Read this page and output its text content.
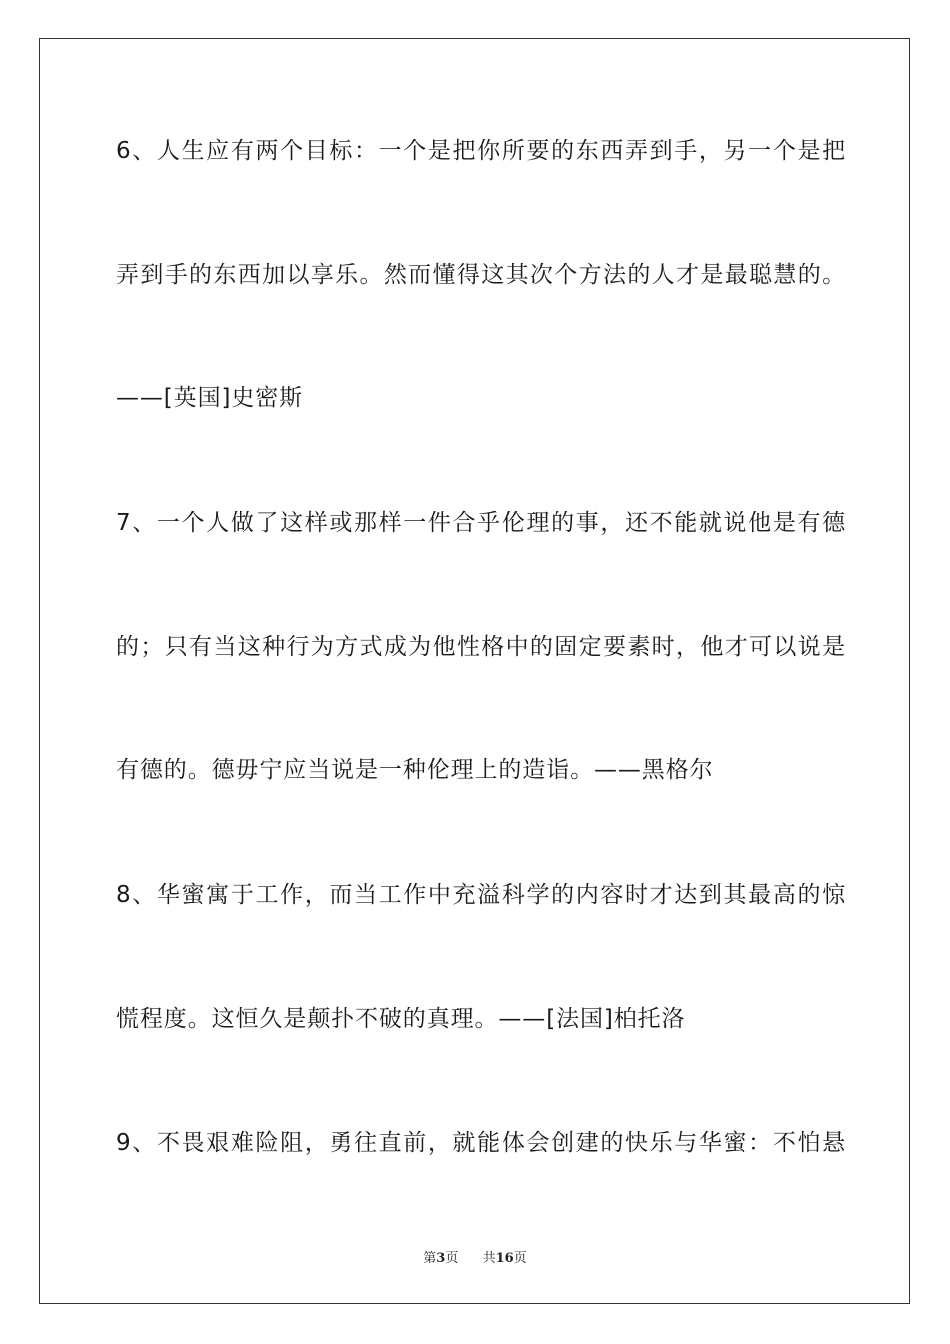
6、人生应有两个目标：一个是把你所要的东西弄到手，另一个是把
弄到手的东西加以享乐。然而懂得这其次个方法的人才是最聪慧的。
——[英国]史密斯
7、一个人做了这样或那样一件合乎伦理的事，还不能就说他是有德
的；只有当这种行为方式成为他性格中的固定要素时，他才可以说是
有德的。德毋宁应当说是一种伦理上的造诣。——黑格尔
8、华蜜寓于工作，而当工作中充溢科学的内容时才达到其最高的惊
慌程度。这恒久是颠扑不破的真理。——[法国]柏托洛
9、不畏艰难险阻，勇往直前，就能体会创建的快乐与华蜜：不怕悬
第3页 共16页
